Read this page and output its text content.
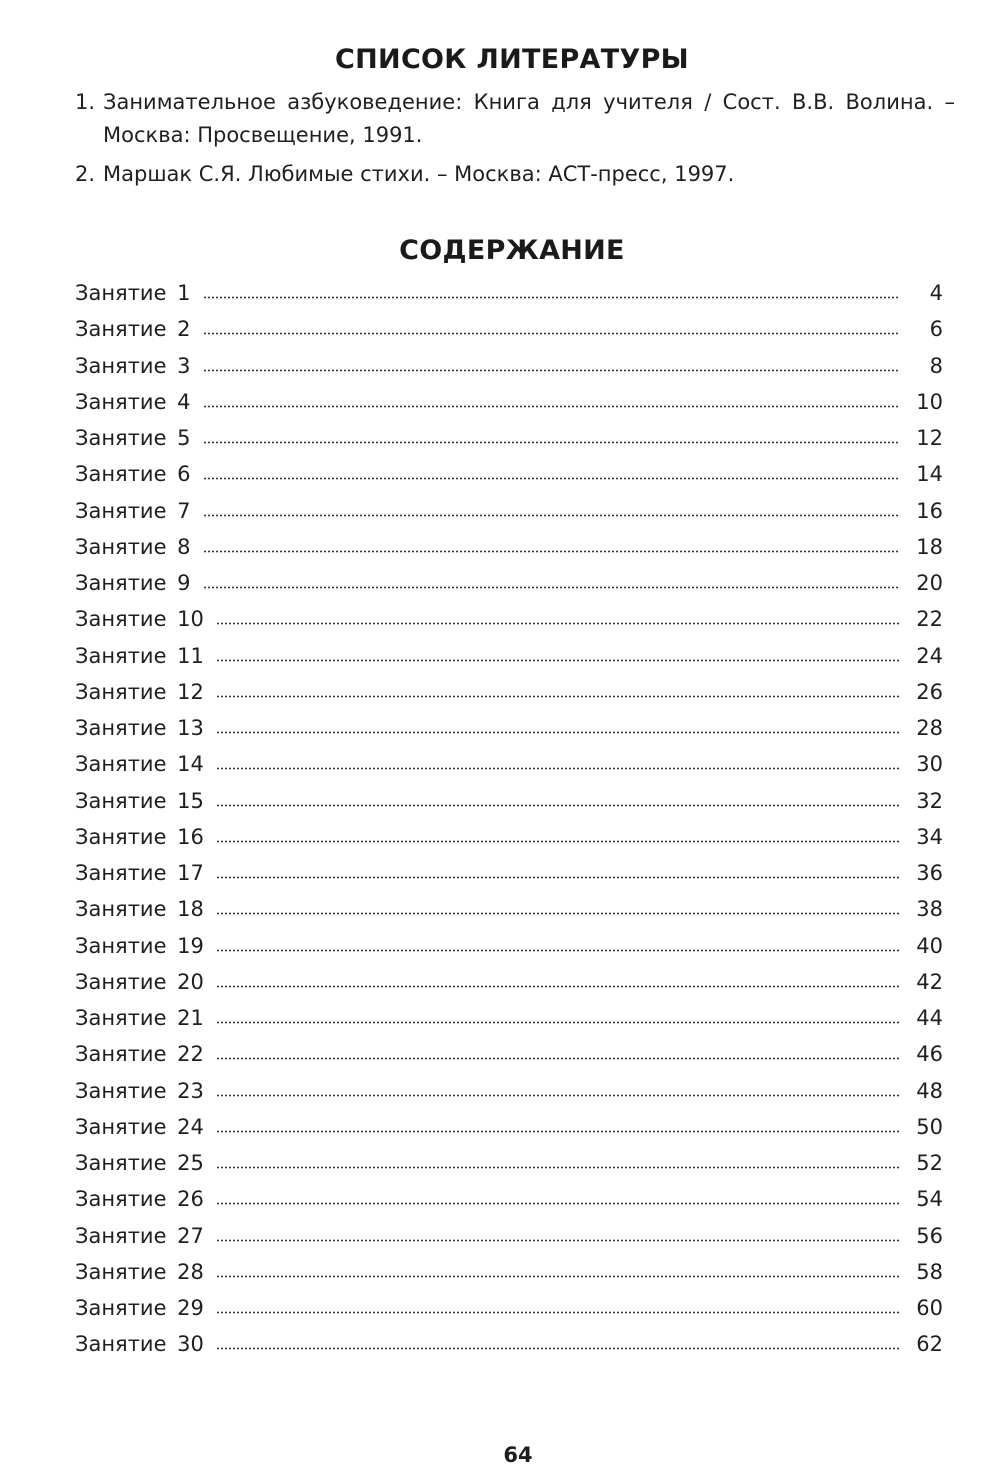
СПИСОК ЛИТЕРАТУРЫ
1. Занимательное азбуковедение: Книга для учителя / Сост. В.В. Волина. – Москва: Просвещение, 1991.
2. Маршак С.Я. Любимые стихи. – Москва: АСТ-пресс, 1997.
СОДЕРЖАНИЕ
Занятие 1	4
Занятие 2	6
Занятие 3	8
Занятие 4	10
Занятие 5	12
Занятие 6	14
Занятие 7	16
Занятие 8	18
Занятие 9	20
Занятие 10	22
Занятие 11	24
Занятие 12	26
Занятие 13	28
Занятие 14	30
Занятие 15	32
Занятие 16	34
Занятие 17	36
Занятие 18	38
Занятие 19	40
Занятие 20	42
Занятие 21	44
Занятие 22	46
Занятие 23	48
Занятие 24	50
Занятие 25	52
Занятие 26	54
Занятие 27	56
Занятие 28	58
Занятие 29	60
Занятие 30	62
64
